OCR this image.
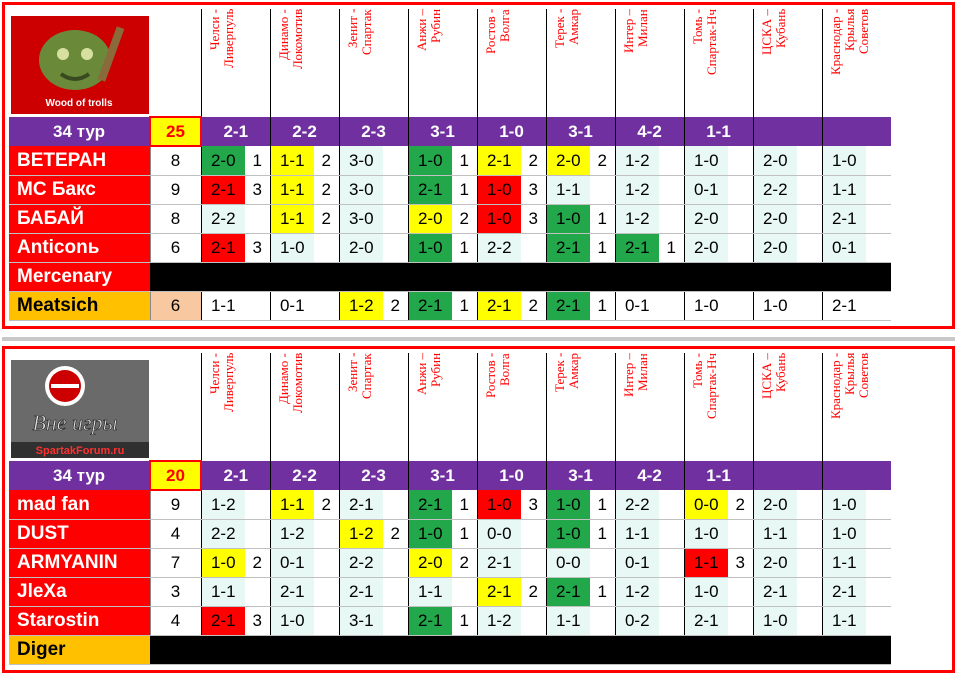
Wood of trolls		Челси -
Ливерпуль		Динамо -
Локомотив		Зенит -
Спартак		Анжи –
Рубин		Ростов -
Волга		Терек -
Амкар		Интер –
Милан		Томь -
Спартак-Нч		ЦСКА –
Кубань		Краснодар -
Крылья
Советов	
34 тур	25	2-1		2-2		2-3		3-1		1-0		3-1		4-2		1-1					
ВЕТЕРАН	8	2-0	1	1-1	2	3-0		1-0	1	2-1	2	2-0	2	1-2		1-0		2-0		1-0	
MC Бакс	9	2-1	3	1-1	2	3-0		2-1	1	1-0	3	1-1		1-2		0-1		2-2		1-1	
БАБАЙ	8	2-2		1-1	2	3-0		2-0	2	1-0	3	1-0	1	1-2		2-0		2-0		2-1	
Anticonь	6	2-1	3	1-0		2-0		1-0	1	2-2		2-1	1	2-1	1	2-0		2-0		0-1	
Mercenary																					
Meatsich	6	1-1		0-1		1-2	2	2-1	1	2-1	2	2-1	1	0-1		1-0		1-0		2-1	
Вне игры
SpartakForum.ru		Челси -
Ливерпуль		Динамо -
Локомотив		Зенит -
Спартак		Анжи –
Рубин		Ростов -
Волга		Терек -
Амкар		Интер –
Милан		Томь -
Спартак-Нч		ЦСКА –
Кубань		Краснодар -
Крылья
Советов	
34 тур	20	2-1		2-2		2-3		3-1		1-0		3-1		4-2		1-1					
mad fan	9	1-2		1-1	2	2-1		2-1	1	1-0	3	1-0	1	2-2		0-0	2	2-0		1-0	
DUST	4	2-2		1-2		1-2	2	1-0	1	0-0		1-0	1	1-1		1-0		1-1		1-0	
ARMYANIN	7	1-0	2	0-1		2-2		2-0	2	2-1		0-0		0-1		1-1	3	2-0		1-1	
JleXa	3	1-1		2-1		2-1		1-1		2-1	2	2-1	1	1-2		1-0		2-1		2-1	
Starostin	4	2-1	3	1-0		3-1		2-1	1	1-2		1-1		0-2		2-1		1-0		1-1	
Diger																					
